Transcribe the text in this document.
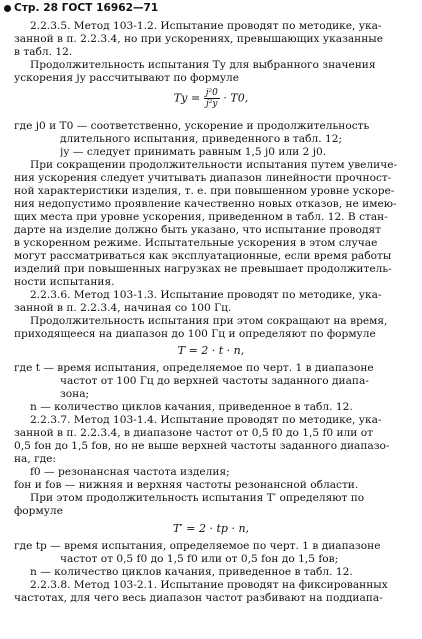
Стр. 28 ГОСТ 16962—71
2.2.3.5. Метод 103-1.2. Испытание проводят по методике, ука-
занной в п. 2.2.3.4, но при ускорениях, превышающих указанные
в табл. 12.
Продолжительность испытания Tу для выбранного значения
ускорения jу рассчитывают по формуле
Tу = $\frac{\text{j²0}}{\text{j²у}} \cdot T0$,
где j0 и T0 — соответственно, ускорение и продолжительность
длительного испытания, приведенного в табл. 12;
jу — следует принимать равным 1,5 j0 или 2 j0.
При сокращении продолжительности испытания путем увеличе-
ния ускорения следует учитывать диапазон линейности прочност-
ной характеристики изделия, т. е. при повышенном уровне ускоре-
ния недопустимо проявление качественно новых отказов, не имею-
щих места при уровне ускорения, приведенном в табл. 12. В стан-
дарте на изделие должно быть указано, что испытание проводят
в ускоренном режиме. Испытательные ускорения в этом случае
могут рассматриваться как эксплуатационные, если время работы
изделий при повышенных нагрузках не превышает продолжитель-
ности испытания.
2.2.3.6. Метод 103-1.3. Испытание проводят по методике, ука-
занной в п. 2.2.3.4, начиная со 100 Гц.
Продолжительность испытания при этом сокращают на время,
приходящееся на диапазон до 100 Гц и определяют по формуле
T = 2 · t · n,
где t — время испытания, определяемое по черт. 1 в диапазоне
частот от 100 Гц до верхней частоты заданного диапа-
зона;
n — количество циклов качания, приведенное в табл. 12.
2.2.3.7. Метод 103-1.4. Испытание проводят по методике, ука-
занной в п. 2.2.3.4, в диапазоне частот от 0,5 f0 до 1,5 f0 или от
0,5 fон до 1,5 fов, но не выше верхней частоты заданного диапазо-
на, где:
f0 — резонансная частота изделия;
fон и fов — нижняя и верхняя частоты резонансной области.
При этом продолжительность испытания T′ определяют по
формуле
T′ = 2 · tр · n,
где tр — время испытания, определяемое по черт. 1 в диапазоне
частот от 0,5 f0 до 1,5 f0 или от 0,5 fон до 1,5 fов;
n — количество циклов качания, приведенное в табл. 12.
2.2.3.8. Метод 103-2.1. Испытание проводят на фиксированных
частотах, для чего весь диапазон частот разбивают на поддиапа-
